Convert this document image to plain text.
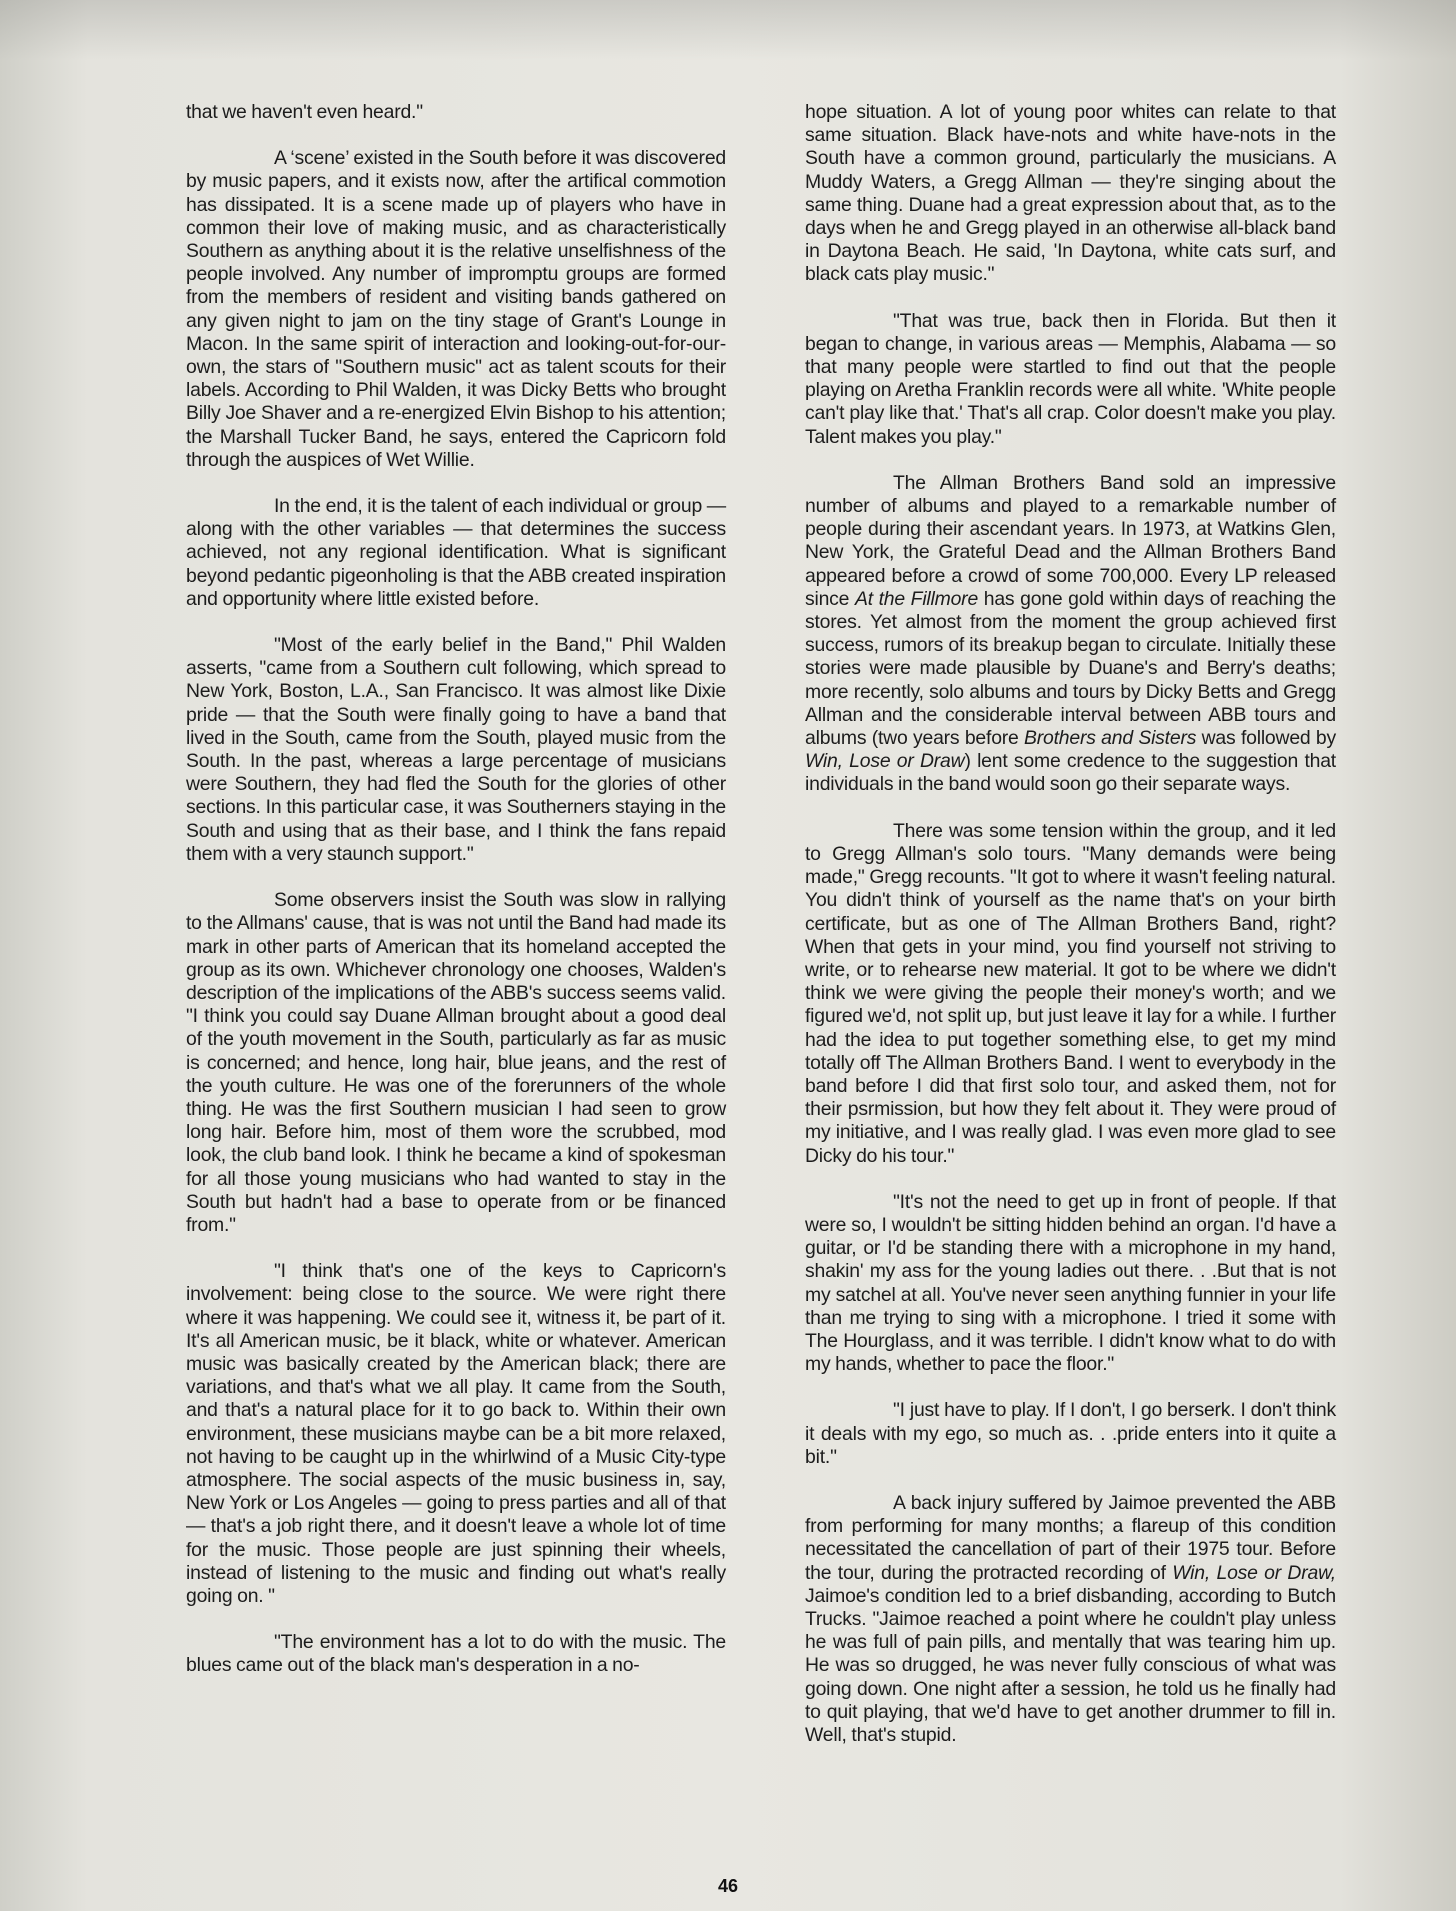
that we haven't even heard."

A ‘scene’ existed in the South before it was discovered by music papers, and it exists now, after the artifical commotion has dissipated. It is a scene made up of players who have in common their love of making music, and as characteristically Southern as anything about it is the relative unselfishness of the people involved. Any number of impromptu groups are formed from the members of resident and visiting bands gathered on any given night to jam on the tiny stage of Grant's Lounge in Macon. In the same spirit of interaction and looking-out-for-our-own, the stars of "Southern music" act as talent scouts for their labels. According to Phil Walden, it was Dicky Betts who brought Billy Joe Shaver and a re-energized Elvin Bishop to his attention; the Marshall Tucker Band, he says, entered the Capricorn fold through the auspices of Wet Willie.

In the end, it is the talent of each individual or group — along with the other variables — that determines the success achieved, not any regional identification. What is significant beyond pedantic pigeonholing is that the ABB created inspiration and opportunity where little existed before.

"Most of the early belief in the Band," Phil Walden asserts, "came from a Southern cult following, which spread to New York, Boston, L.A., San Francisco. It was almost like Dixie pride — that the South were finally going to have a band that lived in the South, came from the South, played music from the South. In the past, whereas a large percentage of musicians were Southern, they had fled the South for the glories of other sections. In this particular case, it was Southerners staying in the South and using that as their base, and I think the fans repaid them with a very staunch support."

Some observers insist the South was slow in rallying to the Allmans' cause, that is was not until the Band had made its mark in other parts of American that its homeland accepted the group as its own. Whichever chronology one chooses, Walden's description of the implications of the ABB's success seems valid. "I think you could say Duane Allman brought about a good deal of the youth movement in the South, particularly as far as music is concerned; and hence, long hair, blue jeans, and the rest of the youth culture. He was one of the forerunners of the whole thing. He was the first Southern musician I had seen to grow long hair. Before him, most of them wore the scrubbed, mod look, the club band look. I think he became a kind of spokesman for all those young musicians who had wanted to stay in the South but hadn't had a base to operate from or be financed from."

"I think that's one of the keys to Capricorn's involvement: being close to the source. We were right there where it was happening. We could see it, witness it, be part of it. It's all American music, be it black, white or whatever. American music was basically created by the American black; there are variations, and that's what we all play. It came from the South, and that's a natural place for it to go back to. Within their own environment, these musicians maybe can be a bit more relaxed, not having to be caught up in the whirlwind of a Music City-type atmosphere. The social aspects of the music business in, say, New York or Los Angeles — going to press parties and all of that — that's a job right there, and it doesn't leave a whole lot of time for the music. Those people are just spinning their wheels, instead of listening to the music and finding out what's really going on. "

"The environment has a lot to do with the music. The blues came out of the black man's desperation in a no-

hope situation. A lot of young poor whites can relate to that same situation. Black have-nots and white have-nots in the South have a common ground, particularly the musicians. A Muddy Waters, a Gregg Allman — they're singing about the same thing. Duane had a great expression about that, as to the days when he and Gregg played in an otherwise all-black band in Daytona Beach. He said, 'In Daytona, white cats surf, and black cats play music."

"That was true, back then in Florida. But then it began to change, in various areas — Memphis, Alabama — so that many people were startled to find out that the people playing on Aretha Franklin records were all white. 'White people can't play like that.' That's all crap. Color doesn't make you play. Talent makes you play."

The Allman Brothers Band sold an impressive number of albums and played to a remarkable number of people during their ascendant years. In 1973, at Watkins Glen, New York, the Grateful Dead and the Allman Brothers Band appeared before a crowd of some 700,000. Every LP released since At the Fillmore has gone gold within days of reaching the stores. Yet almost from the moment the group achieved first success, rumors of its breakup began to circulate. Initially these stories were made plausible by Duane's and Berry's deaths; more recently, solo albums and tours by Dicky Betts and Gregg Allman and the considerable interval between ABB tours and albums (two years before Brothers and Sisters was followed by Win, Lose or Draw) lent some credence to the suggestion that individuals in the band would soon go their separate ways.

There was some tension within the group, and it led to Gregg Allman's solo tours. "Many demands were being made," Gregg recounts. "It got to where it wasn't feeling natural. You didn't think of yourself as the name that's on your birth certificate, but as one of The Allman Brothers Band, right? When that gets in your mind, you find yourself not striving to write, or to rehearse new material. It got to be where we didn't think we were giving the people their money's worth; and we figured we'd, not split up, but just leave it lay for a while. I further had the idea to put together something else, to get my mind totally off The Allman Brothers Band. I went to everybody in the band before I did that first solo tour, and asked them, not for their psrmission, but how they felt about it. They were proud of my initiative, and I was really glad. I was even more glad to see Dicky do his tour."

"It's not the need to get up in front of people. If that were so, I wouldn't be sitting hidden behind an organ. I'd have a guitar, or I'd be standing there with a microphone in my hand, shakin' my ass for the young ladies out there. . .But that is not my satchel at all. You've never seen anything funnier in your life than me trying to sing with a microphone. I tried it some with The Hourglass, and it was terrible. I didn't know what to do with my hands, whether to pace the floor."

"I just have to play. If I don't, I go berserk. I don't think it deals with my ego, so much as. . .pride enters into it quite a bit."

A back injury suffered by Jaimoe prevented the ABB from performing for many months; a flareup of this condition necessitated the cancellation of part of their 1975 tour. Before the tour, during the protracted recording of Win, Lose or Draw, Jaimoe's condition led to a brief disbanding, according to Butch Trucks. "Jaimoe reached a point where he couldn't play unless he was full of pain pills, and mentally that was tearing him up. He was so drugged, he was never fully conscious of what was going down. One night after a session, he told us he finally had to quit playing, that we'd have to get another drummer to fill in. Well, that's stupid.

46
